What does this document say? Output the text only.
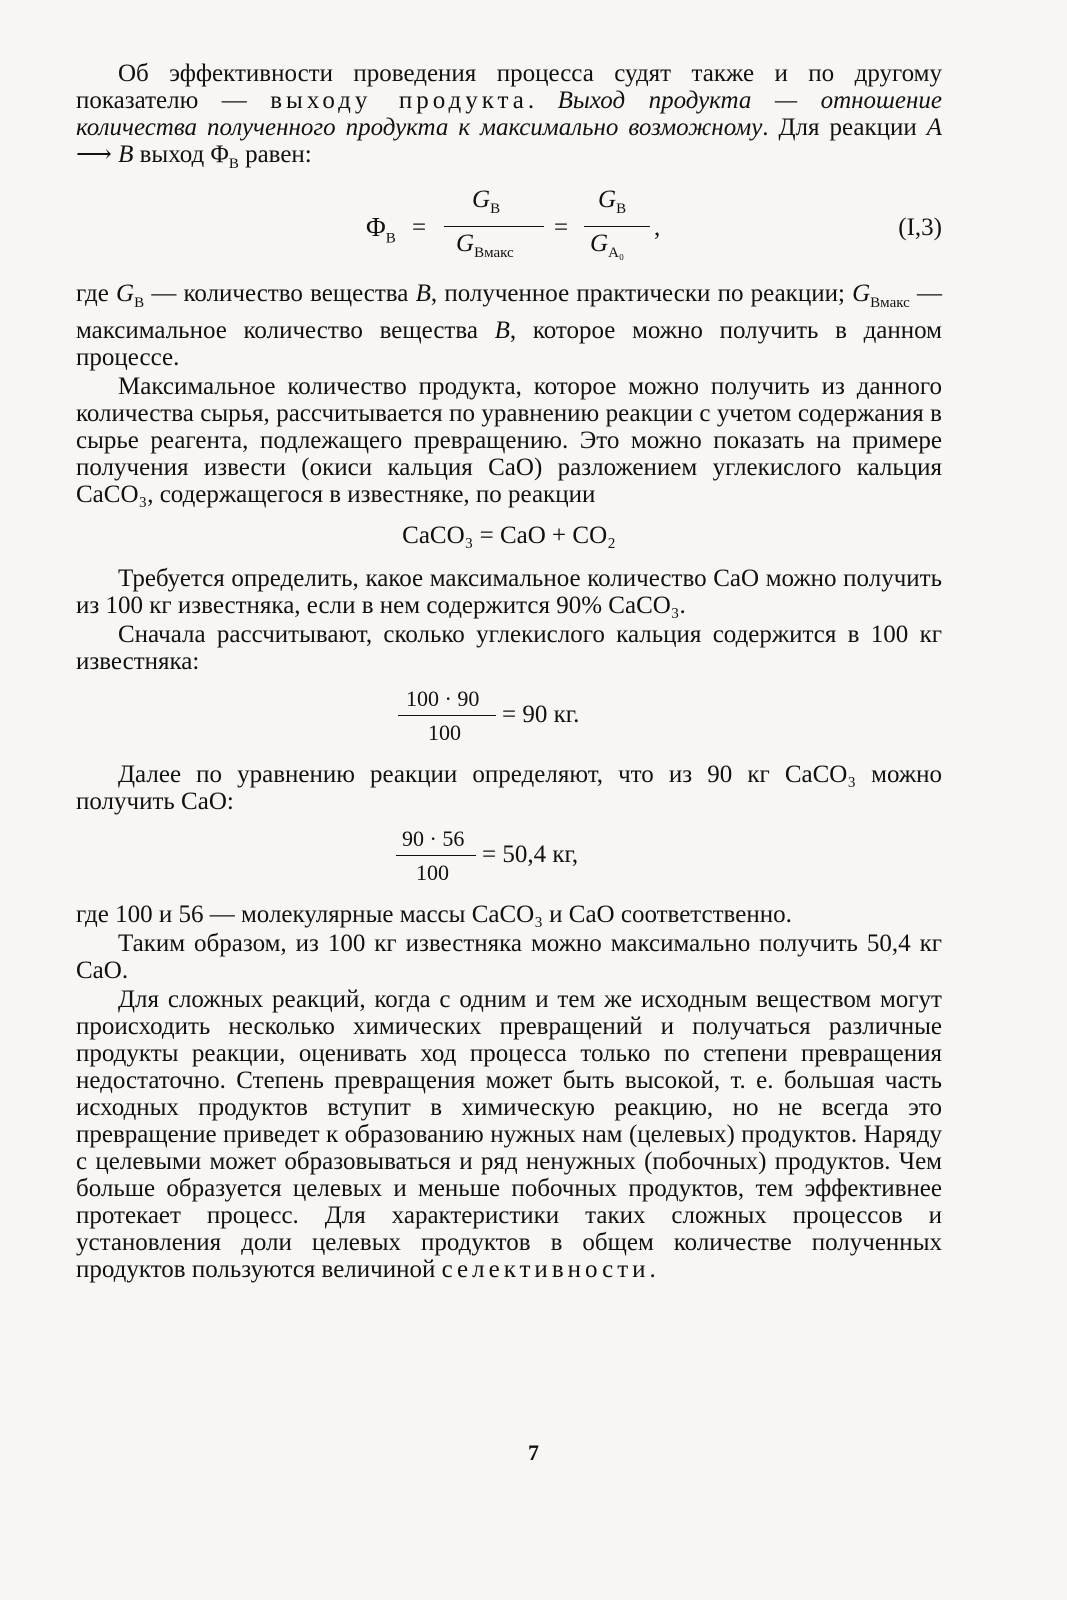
Об эффективности проведения процесса судят также и по другому показателю — выходу продукта. Выход продукта — отношение количества полученного продукта к максимально возможному. Для реакции A ⟶ B выход $\Phi_B$ равен:

$\Phi_B$ =
$G_B$
$G_{Bмакс}$
=
$G_B$
$G_{A_0}$
,	(I,3)

где $G_B$ — количество вещества B, полученное практически по реакции; $G_{Bмакс}$ — максимальное количество вещества B, которое можно получить в данном процессе.

Максимальное количество продукта, которое можно получить из данного количества сырья, рассчитывается по уравнению реакции с учетом содержания в сырье реагента, подлежащего превращению. Это можно показать на примере получения извести (окиси кальция CaO) разложением углекислого кальция CaCO₃, содержащегося в известняке, по реакции

CaCO₃ = CaO + CO₂

Требуется определить, какое максимальное количество CaO можно получить из 100 кг известняка, если в нем содержится 90% CaCO₃.

Сначала рассчитывают, сколько углекислого кальция содержится в 100 кг известняка:

100 · 90
100
= 90 кг.

Далее по уравнению реакции определяют, что из 90 кг CaCO₃ можно получить CaO:

90 · 56
100
= 50,4 кг,

где 100 и 56 — молекулярные массы CaCO₃ и CaO соответственно.

Таким образом, из 100 кг известняка можно максимально получить 50,4 кг CaO.

Для сложных реакций, когда с одним и тем же исходным веществом могут происходить несколько химических превращений и получаться различные продукты реакции, оценивать ход процесса только по степени превращения недостаточно. Степень превращения может быть высокой, т. е. большая часть исходных продуктов вступит в химическую реакцию, но не всегда это превращение приведет к образованию нужных нам (целевых) продуктов. Наряду с целевыми может образовываться и ряд ненужных (побочных) продуктов. Чем больше образуется целевых и меньше побочных продуктов, тем эффективнее протекает процесс. Для характеристики таких сложных процессов и установления доли целевых продуктов в общем количестве полученных продуктов пользуются величиной селективности.

7
